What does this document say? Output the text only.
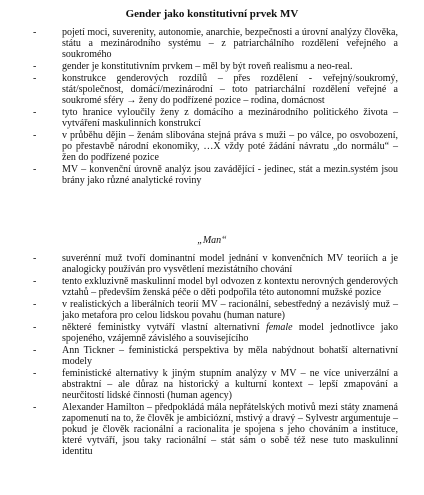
Gender jako konstitutivní prvek MV
-	pojetí moci, suverenity, autonomie, anarchie, bezpečnosti a úrovní analýzy člověka, státu a mezinárodního systému – z patriarchálního rozdělení veřejného a soukromého
-	gender je konstitutivním prvkem – měl by být roveň realismu a neo-real.
-	konstrukce genderových rozdílů – přes rozdělení - veřejný/soukromý, stát/společnost, domácí/mezinárodní – toto patriarchální rozdělení veřejné a soukromé sféry → ženy do podřízené pozice – rodina, domácnost
-	tyto hranice vyloučily ženy z domácího a mezinárodního politického života – vytváření maskulinních konstrukcí
-	v průběhu dějin – ženám slibována stejná práva s muži – po válce, po osvobození, po přestavbě národní ekonomiky, …X vždy poté žádání návratu „do normálu“ – žen do podřízené pozice
-	MV – konvenční úrovně analýz jsou zavádějící - jedinec, stát a mezin.systém jsou brány jako různé analytické roviny
„Man“
-	suverénní muž tvoří dominantní model jednání v konvenčních MV teoriích a je analogicky používán pro vysvětlení mezistátního chování
-	tento exkluzivně maskulinní model byl odvozen z kontextu nerovných genderových vztahů – především ženská péče o děti podpořila této autonomní mužské pozice
-	v realistických a liberálních teorií MV – racionální, sebestředný a nezávislý muž – jako metafora pro celou lidskou povahu (human nature)
-	některé feministky vytváří vlastní alternativní female model jednotlivce jako spojeného, vzájemně závislého a souvisejícího
-	Ann Tickner – feministická perspektiva by měla nabýdnout bohatší alternativní modely
-	feministické alternativy k jiným stupním analýzy v MV – ne více univerzální a abstraktní – ale důraz na historický a kulturní kontext – lepší zmapování a neurčitostí lidské činnosti (human agency)
-	Alexander Hamilton – předpokládá mála nepřátelských motivů mezi státy znamená zapomenutí na to, že člověk je ambiciózní, mstivý a dravý – Sylvestr argumentuje – pokud je člověk racionální a racionalita je spojena s jeho chováním a instituce, které vytváří, jsou taky racionální – stát sám o sobě též nese tuto maskulinní identitu
